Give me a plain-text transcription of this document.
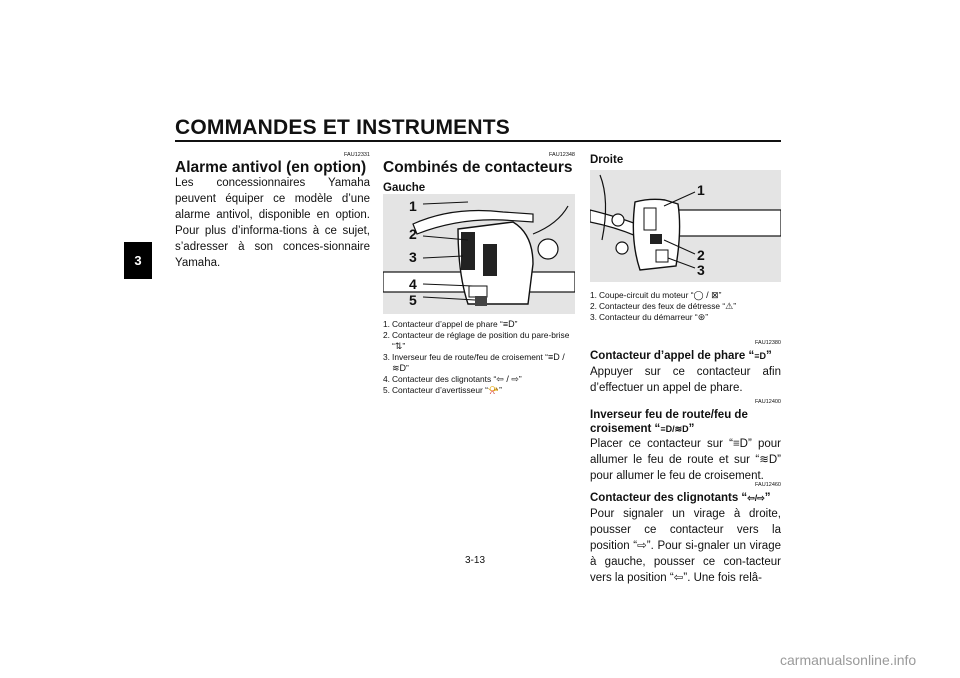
COMMANDES ET INSTRUMENTS
3
FAU12331
Alarme antivol (en option)
Les concessionnaires Yamaha peuvent équiper ce modèle d’une alarme antivol, disponible en option. Pour plus d’informa-tions à ce sujet, s’adresser à son conces-sionnaire Yamaha.
FAU12348
Combinés de contacteurs
Gauche
1
2
3
4
5
1. Contacteur d’appel de phare “≡D”
2. Contacteur de réglage de position du pare-brise “⇅”
3. Inverseur feu de route/feu de croisement “≡D / ≋D”
4. Contacteur des clignotants “⇦ / ⇨”
5. Contacteur d’avertisseur “📯”
Droite
1
2
3
1. Coupe-circuit du moteur “◯ / ⊠”
2. Contacteur des feux de détresse “⚠”
3. Contacteur du démarreur “⊛”
FAU12380
Contacteur d’appel de phare “≡D”
Appuyer sur ce contacteur afin d’effectuer un appel de phare.
FAU12400
Inverseur feu de route/feu de croisement “≡D/≋D”
Placer ce contacteur sur “≡D” pour allumer le feu de route et sur “≋D” pour allumer le feu de croisement.
FAU12460
Contacteur des clignotants “⇦/⇨”
Pour signaler un virage à droite, pousser ce contacteur vers la position “⇨”. Pour si-gnaler un virage à gauche, pousser ce con-tacteur vers la position “⇦”. Une fois relâ-
3-13
carmanualsonline.info
